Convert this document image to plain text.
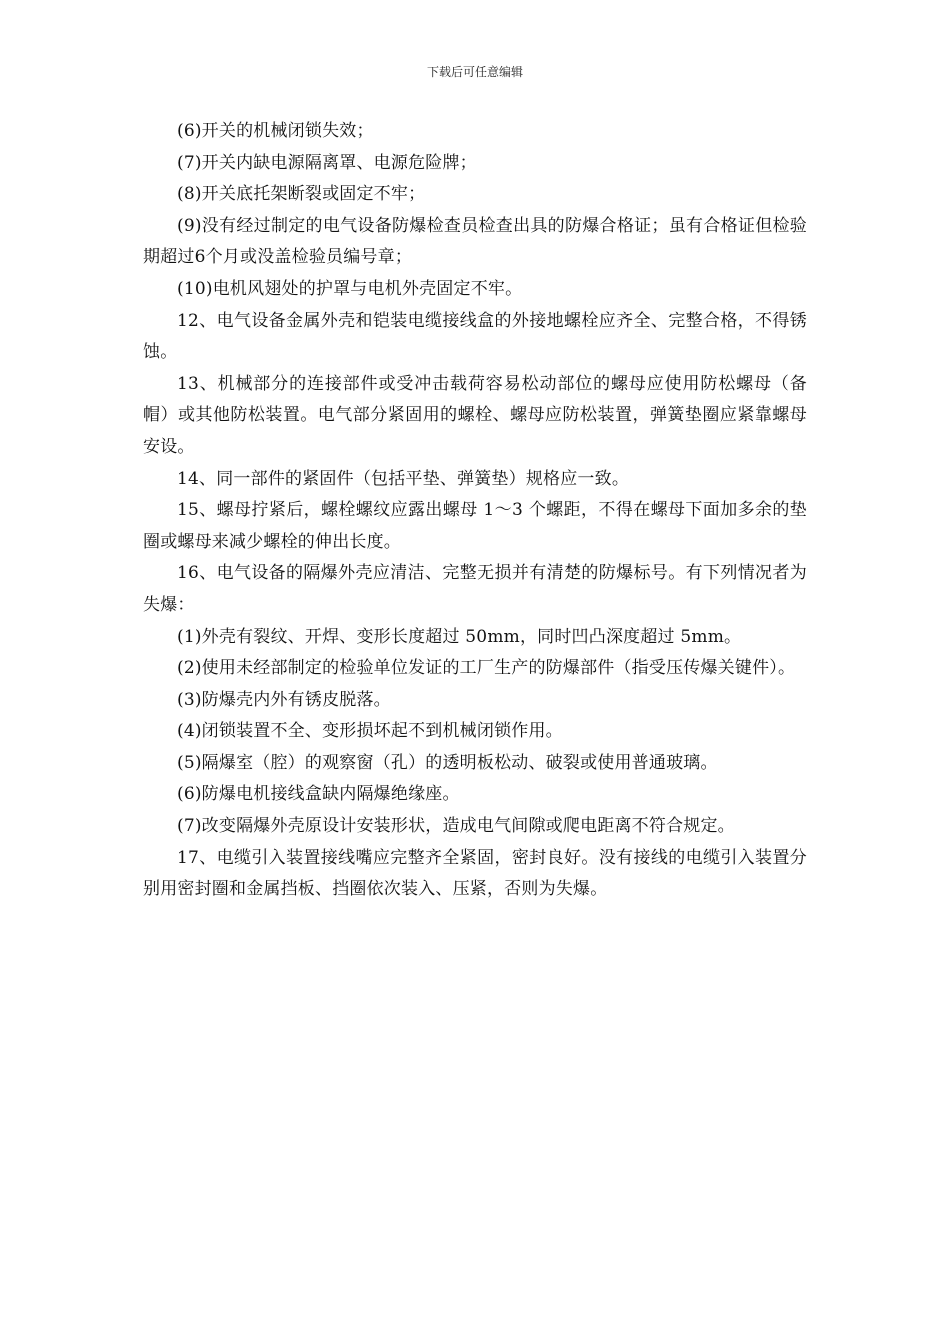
下载后可任意编辑

(6)开关的机械闭锁失效；

(7)开关内缺电源隔离罩、电源危险牌；

(8)开关底托架断裂或固定不牢；

(9)没有经过制定的电气设备防爆检查员检查出具的防爆合格证；虽有合格证但检验期超过6个月或没盖检验员编号章；

(10)电机风翅处的护罩与电机外壳固定不牢。

12、电气设备金属外壳和铠装电缆接线盒的外接地螺栓应齐全、完整合格，不得锈蚀。

13、机械部分的连接部件或受冲击载荷容易松动部位的螺母应使用防松螺母（备帽）或其他防松装置。电气部分紧固用的螺栓、螺母应防松装置，弹簧垫圈应紧靠螺母安设。

14、同一部件的紧固件（包括平垫、弹簧垫）规格应一致。

15、螺母拧紧后，螺栓螺纹应露出螺母 1～3 个螺距，不得在螺母下面加多余的垫圈或螺母来减少螺栓的伸出长度。

16、电气设备的隔爆外壳应清洁、完整无损并有清楚的防爆标号。有下列情况者为失爆：

(1)外壳有裂纹、开焊、变形长度超过 50mm，同时凹凸深度超过 5mm。

(2)使用未经部制定的检验单位发证的工厂生产的防爆部件（指受压传爆关键件）。

(3)防爆壳内外有锈皮脱落。

(4)闭锁装置不全、变形损坏起不到机械闭锁作用。

(5)隔爆室（腔）的观察窗（孔）的透明板松动、破裂或使用普通玻璃。

(6)防爆电机接线盒缺内隔爆绝缘座。

(7)改变隔爆外壳原设计安装形状，造成电气间隙或爬电距离不符合规定。

17、电缆引入装置接线嘴应完整齐全紧固，密封良好。没有接线的电缆引入装置分别用密封圈和金属挡板、挡圈依次装入、压紧，否则为失爆。
